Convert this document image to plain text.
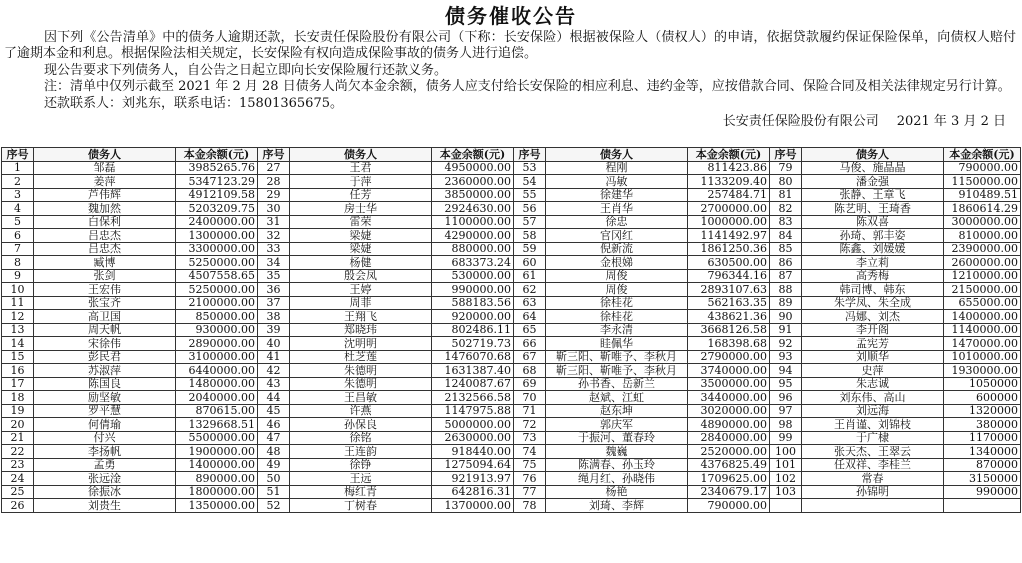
债务催收公告

因下列《公告清单》中的债务人逾期还款，长安责任保险股份有限公司（下称：长安保险）根据被保险人（债权人）的申请，依据贷款履约保证保险保单，向债权人赔付了逾期本金和利息。根据保险法相关规定，长安保险有权向造成保险事故的债务人进行追偿。

现公告要求下列债务人，自公告之日起立即向长安保险履行还款义务。

注：清单中仅列示截至 2021 年 2 月 28 日债务人尚欠本金余额，债务人应支付给长安保险的相应利息、违约金等，应按借款合同、保险合同及相关法律规定另行计算。

还款联系人：刘兆东，联系电话：15801365675。

长安责任保险股份有限公司 2021 年 3 月 2 日
序号	债务人	本金余额(元)	序号	债务人	本金余额(元)	序号	债务人	本金余额(元)	序号	债务人	本金余额(元)
1	邹磊	3985265.76	27	王君	4950000.00	53	程刚	811423.86	79	马俊、施晶晶	790000.00
2	姜萍	5347123.29	28	于萍	2360000.00	54	冯敏	1133209.40	80	潘金强	1150000.00
3	芦伟辉	4912109.58	29	任芳	3850000.00	55	徐建华	257484.71	81	张静、王章飞	910489.51
4	魏加然	5203209.75	30	房士华	2924630.00	56	王肖华	2700000.00	82	陈艺明、王琦香	1860614.29
5	白保利	2400000.00	31	雷荣	1100000.00	57	徐忠	1000000.00	83	陈双喜	3000000.00
6	吕忠杰	1300000.00	32	梁婕	4290000.00	58	官冈红	1141492.97	84	孙琦、郭丰姿	810000.00
7	吕忠杰	3300000.00	33	梁婕	880000.00	59	倪新流	1861250.36	85	陈鑫、刘媛媛	2390000.00
8	臧博	5250000.00	34	杨健	683373.24	60	金根娣	630500.00	86	李立莉	2600000.00
9	张剑	4507558.65	35	殷会凤	530000.00	61	周俊	796344.16	87	高秀梅	1210000.00
10	王宏伟	5250000.00	36	王婷	990000.00	62	周俊	2893107.63	88	韩司博、韩东	2150000.00
11	张宝齐	2100000.00	37	周菲	588183.56	63	徐桂花	562163.35	89	朱学凤、朱全成	655000.00
12	高卫国	850000.00	38	王翔飞	920000.00	64	徐桂花	438621.36	90	冯娜、刘杰	1400000.00
13	周天帆	930000.00	39	郑晓玮	802486.11	65	李永清	3668126.58	91	李开阁	1140000.00
14	宋徐伟	2890000.00	40	沈明明	502719.73	66	眭佩华	168398.68	92	孟宪芳	1470000.00
15	彭民君	3100000.00	41	杜芝莲	1476070.68	67	靳三阳、靳唯予、李秋月	2790000.00	93	刘顺华	1010000.00
16	苏淑萍	6440000.00	42	朱德明	1631387.40	68	靳三阳、靳唯予、李秋月	3740000.00	94	史萍	1930000.00
17	陈国良	1480000.00	43	朱德明	1240087.67	69	孙书香、岳新兰	3500000.00	95	朱志诚	1050000
18	励坚敏	2040000.00	44	王昌敏	2132566.58	70	赵斌、江虹	3440000.00	96	刘东伟、高山	600000
19	罗平慧	870615.00	45	许燕	1147975.88	71	赵东坤	3020000.00	97	刘远海	1320000
20	何倩瑜	1329668.51	46	孙保良	5000000.00	72	郭庆军	4890000.00	98	王肖谨、刘锦枝	380000
21	付兴	5500000.00	47	徐铭	2630000.00	73	于振河、董春玲	2840000.00	99	于广棣	1170000
22	李扬帆	1900000.00	48	王连韵	918440.00	74	魏巍	2520000.00	100	张天杰、王翠云	1340000
23	孟勇	1400000.00	49	徐铮	1275094.64	75	陈满春、孙玉玲	4376825.49	101	任双祥、李桂兰	870000
24	张远淦	890000.00	50	王远	921913.97	76	绳月红、孙晓伟	1709625.00	102	常春	3150000
25	徐振冰	1800000.00	51	梅红青	642816.31	77	杨艳	2340679.17	103	孙锦明	990000
26	刘贵生	1350000.00	52	丁树春	1370000.00	78	刘琦、李辉	790000.00			
